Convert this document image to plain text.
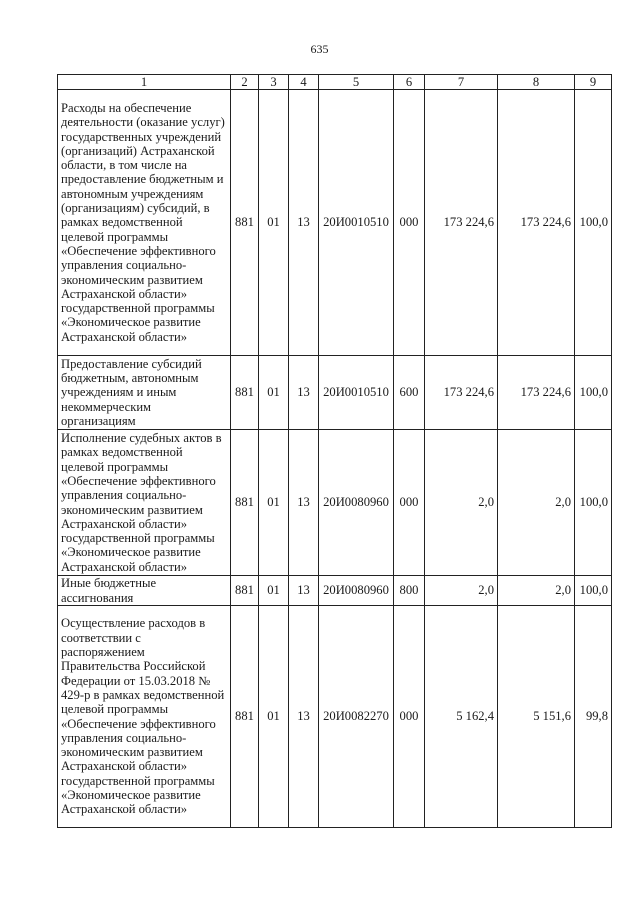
635
1	2	3	4	5	6	7	8	9
Расходы на обеспечение деятельности (оказание услуг) государственных учреждений (организаций) Астраханской области, в том числе на предоставление бюджетным и автономным учреждениям (организациям) субсидий, в рамках ведомственной целевой программы «Обеспечение эффективного управления социально-экономическим развитием Астраханской области» государственной программы «Экономическое развитие Астраханской области»	881	01	13	20И0010510	000	173 224,6	173 224,6	100,0
Предоставление субсидий бюджетным, автономным учреждениям и иным некоммерческим организациям	881	01	13	20И0010510	600	173 224,6	173 224,6	100,0
Исполнение судебных актов в рамках ведомственной целевой программы «Обеспечение эффективного управления социально-экономическим развитием Астраханской области» государственной программы «Экономическое развитие Астраханской области»	881	01	13	20И0080960	000	2,0	2,0	100,0
Иные бюджетные ассигнования	881	01	13	20И0080960	800	2,0	2,0	100,0
Осуществление расходов в соответствии с распоряжением Правительства Российской Федерации от 15.03.2018 № 429-р в рамках ведомственной целевой программы «Обеспечение эффективного управления социально-экономическим развитием Астраханской области» государственной программы «Экономическое развитие Астраханской области»	881	01	13	20И0082270	000	5 162,4	5 151,6	99,8
